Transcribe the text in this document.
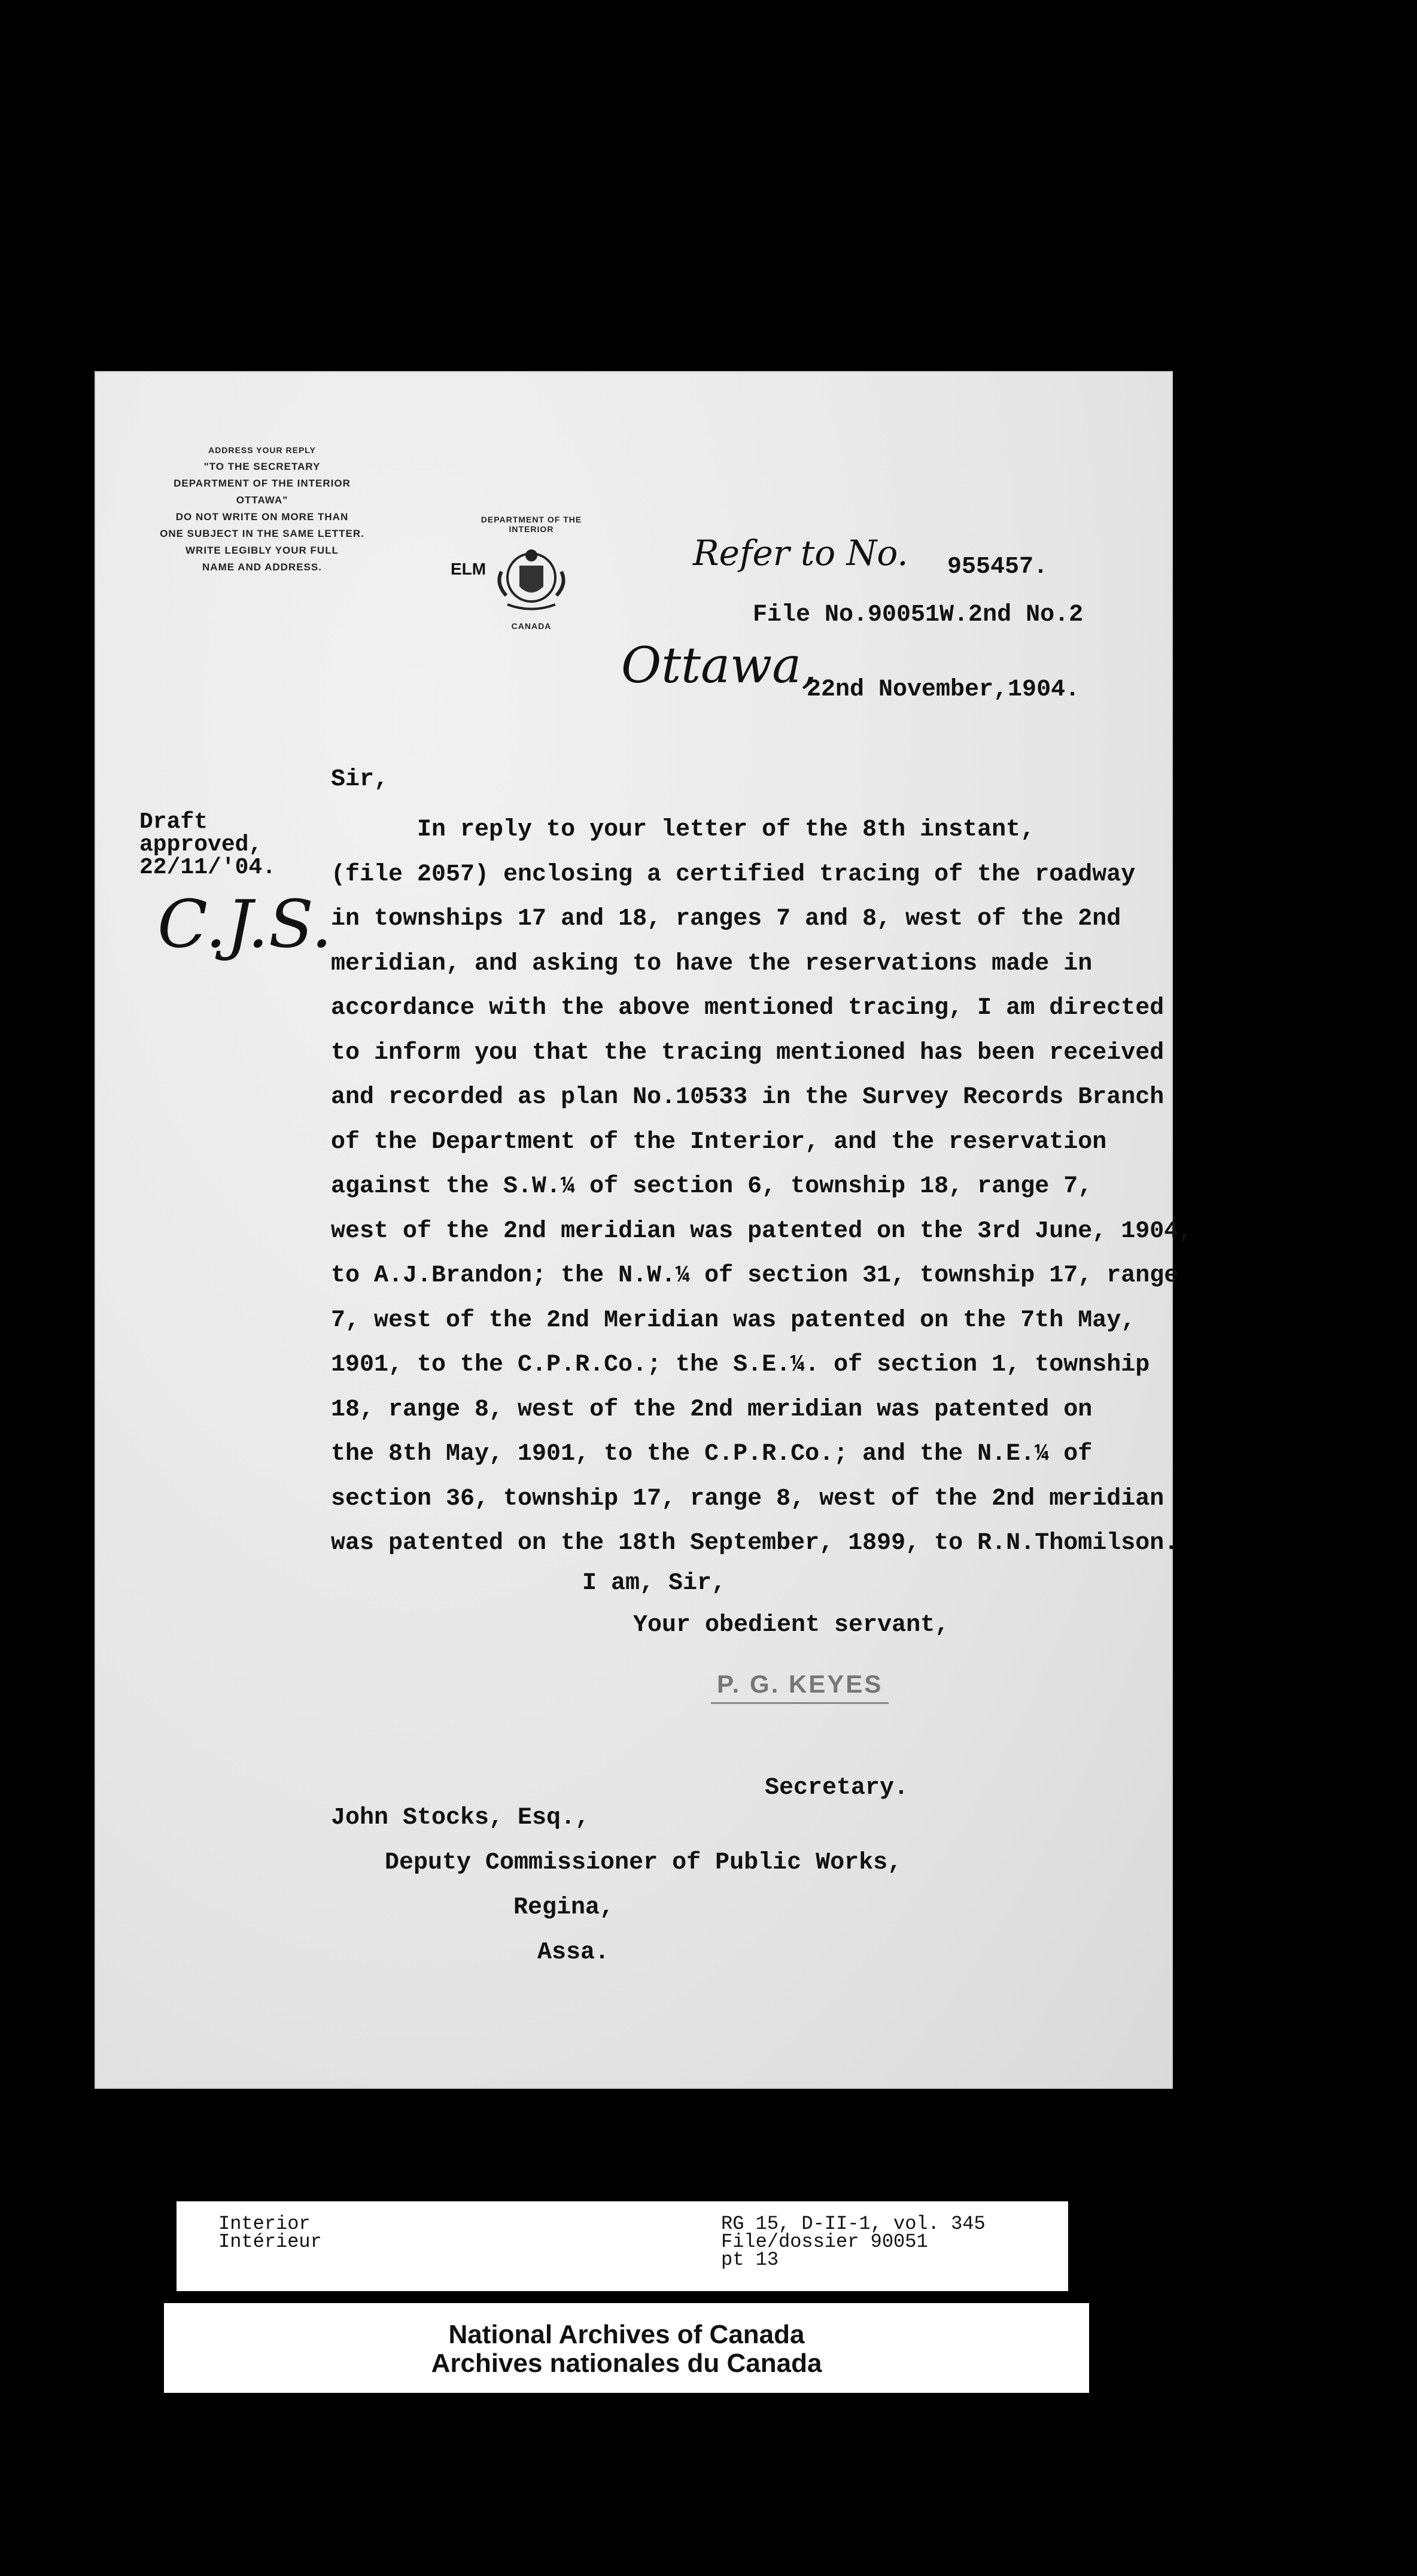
ADDRESS YOUR REPLY
"TO THE SECRETARY
DEPARTMENT OF THE INTERIOR
OTTAWA"
DO NOT WRITE ON MORE THAN
ONE SUBJECT IN THE SAME LETTER.
WRITE LEGIBLY YOUR FULL
NAME AND ADDRESS.	ELM
DEPARTMENT OF THE INTERIOR
CANADA
Refer to No. 955457.
File No.90051W.2nd No.2
Ottawa,
22nd November,1904.
Draft
approved,
22/11/'04.
C.J.S.
Sir,
In reply to your letter of the 8th instant,
(file 2057) enclosing a certified tracing of the roadway
in townships 17 and 18, ranges 7 and 8, west of the 2nd
meridian, and asking to have the reservations made in
accordance with the above mentioned tracing, I am directed
to inform you that the tracing mentioned has been received
and recorded as plan No.10533 in the Survey Records Branch
of the Department of the Interior, and the reservation
against the S.W.¼ of section 6, township 18, range 7,
west of the 2nd meridian was patented on the 3rd June, 1904,
to A.J.Brandon; the N.W.¼ of section 31, township 17, range
7, west of the 2nd Meridian was patented on the 7th May,
1901, to the C.P.R.Co.; the S.E.¼. of section 1, township
18, range 8, west of the 2nd meridian was patented on
the 8th May, 1901, to the C.P.R.Co.; and the N.E.¼ of
section 36, township 17, range 8, west of the 2nd meridian
was patented on the 18th September, 1899, to R.N.Thomilson.
I am, Sir,
Your obedient servant,
P. G. KEYES
Secretary.
John Stocks, Esq.,
Deputy Commissioner of Public Works,
Regina,
Assa.
Interior
Intérieur
RG 15, D-II-1, vol. 345
File/dossier 90051
pt 13
National Archives of Canada
Archives nationales du Canada
